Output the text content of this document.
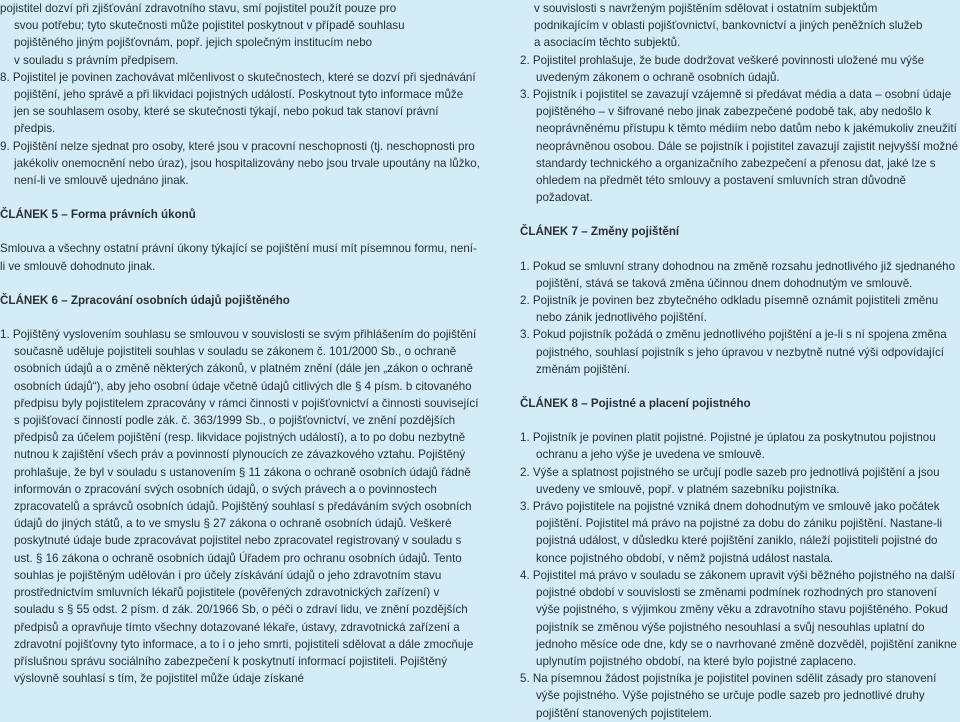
pojistitel dozví při zjišťování zdravotního stavu, smí pojistitel použít pouze pro

svou potřebu; tyto skutečnosti může pojistitel poskytnout v případě souhlasu

pojištěného jiným pojišťovnám, popř. jejich společným institucím nebo

v souladu s právním předpisem.

8. Pojistitel je povinen zachovávat mlčenlivost o skutečnostech, které se dozví při sjednávání pojištění, jeho správě a při likvidaci pojistných událostí. Poskytnout tyto informace může jen se souhlasem osoby, které se skutečnosti týkají, nebo pokud tak stanoví právní předpis.

9. Pojištění nelze sjednat pro osoby, které jsou v pracovní neschopnosti (tj. neschopnosti pro jakékoliv onemocnění nebo úraz), jsou hospitalizovány nebo jsou trvale upoutány na lůžko, není-li ve smlouvě ujednáno jinak.

ČLÁNEK 5 – Forma právních úkonů

Smlouva a všechny ostatní právní úkony týkající se pojištění musí mít písemnou formu, není-li ve smlouvě dohodnuto jinak.

ČLÁNEK 6 – Zpracování osobních údajů pojištěného

1. Pojištěný vyslovením souhlasu se smlouvou v souvislosti se svým přihlášením do pojištění současně uděluje pojistiteli souhlas v souladu se zákonem č. 101/2000 Sb., o ochraně osobních údajů a o změně některých zákonů, v platném znění (dále jen „zákon o ochraně osobních údajů“), aby jeho osobní údaje včetně údajů citlivých dle § 4 písm. b citovaného předpisu byly pojistitelem zpracovány v rámci činnosti v pojišťovnictví a činnosti související s pojišťovací činností podle zák. č. 363/1999 Sb., o pojišťovnictví, ve znění pozdějších předpisů za účelem pojištění (resp. likvidace pojistných událostí), a to po dobu nezbytně nutnou k zajištění všech práv a povinností plynoucích ze závazkového vztahu. Pojištěný prohlašuje, že byl v souladu s ustanovením § 11 zákona o ochraně osobních údajů řádně informován o zpracování svých osobních údajů, o svých právech a o povinnostech zpracovatelů a správců osobních údajů. Pojištěný souhlasí s předáváním svých osobních údajů do jiných států, a to ve smyslu § 27 zákona o ochraně osobních údajů. Veškeré poskytnuté údaje bude zpracovávat pojistitel nebo zpracovatel registrovaný v souladu s ust. § 16 zákona o ochraně osobních údajů Úřadem pro ochranu osobních údajů. Tento souhlas je pojištěným udělován i pro účely získávání údajů o jeho zdravotním stavu prostřednictvím smluvních lékařů pojistitele (pověřených zdravotnických zařízení) v souladu s § 55 odst. 2 písm. d zák. 20/1966 Sb, o péči o zdraví lidu, ve znění pozdějších předpisů a opravňuje tímto všechny dotazované lékaře, ústavy, zdravotnická zařízení a zdravotní pojišťovny tyto informace, a to i o jeho smrti, pojistiteli sdělovat a dále zmocňuje příslušnou správu sociálního zabezpečení k poskytnutí informací pojistiteli. Pojištěný výslovně souhlasí s tím, že pojistitel může údaje získané

v souvislosti s navrženým pojištěním sdělovat i ostatním subjektům

podnikajícím v oblasti pojišťovnictví, bankovnictví a jiných peněžních služeb

a asociacím těchto subjektů.

2. Pojistitel prohlašuje, že bude dodržovat veškeré povinnosti uložené mu výše uvedeným zákonem o ochraně osobních údajů.

3. Pojistník i pojistitel se zavazují vzájemně si předávat média a data – osobní údaje pojištěného – v šifrované nebo jinak zabezpečené podobě tak, aby nedošlo k neoprávněnému přístupu k těmto médiím nebo datům nebo k jakémukoliv zneužití neoprávněnou osobou. Dále se pojistník i pojistitel zavazují zajistit nejvyšší možné standardy technického a organizačního zabezpečení a přenosu dat, jaké lze s ohledem na předmět této smlouvy a postavení smluvních stran důvodně požadovat.

ČLÁNEK 7 – Změny pojištění

1. Pokud se smluvní strany dohodnou na změně rozsahu jednotlivého již sjednaného pojištění, stává se taková změna účinnou dnem dohodnutým ve smlouvě.
2. Pojistník je povinen bez zbytečného odkladu písemně oznámit pojistiteli změnu nebo zánik jednotlivého pojištění.
3. Pokud pojistník požádá o změnu jednotlivého pojištění a je-li s ní spojena změna pojistného, souhlasí pojistník s jeho úpravou v nezbytně nutné výši odpovídající změnám pojištění.

ČLÁNEK 8 – Pojistné a placení pojistného

1. Pojistník je povinen platit pojistné. Pojistné je úplatou za poskytnutou pojistnou ochranu a jeho výše je uvedena ve smlouvě.
2. Výše a splatnost pojistného se určují podle sazeb pro jednotlivá pojištění a jsou uvedeny ve smlouvě, popř. v platném sazebníku pojistníka.
3. Právo pojistitele na pojistné vzniká dnem dohodnutým ve smlouvě jako počátek pojištění. Pojistitel má právo na pojistné za dobu do zániku pojištění. Nastane-li pojistná událost, v důsledku které pojištění zaniklo, náleží pojistiteli pojistné do konce pojistného období, v němž pojistná událost nastala.
4. Pojistitel má právo v souladu se zákonem upravit výši běžného pojistného na další pojistné období v souvislosti se změnami podmínek rozhodných pro stanovení výše pojistného, s výjimkou změny věku a zdravotního stavu pojištěného. Pokud pojistník se změnou výše pojistného nesouhlasí a svůj nesouhlas uplatní do jednoho měsíce ode dne, kdy se o navrhované změně dozvěděl, pojištění zanikne uplynutím pojistného období, na které bylo pojistné zaplaceno.
5. Na písemnou žádost pojistníka je pojistitel povinen sdělit zásady pro stanovení výše pojistného. Výše pojistného se určuje podle sazeb pro jednotlivé druhy pojištění stanovených pojistitelem.
